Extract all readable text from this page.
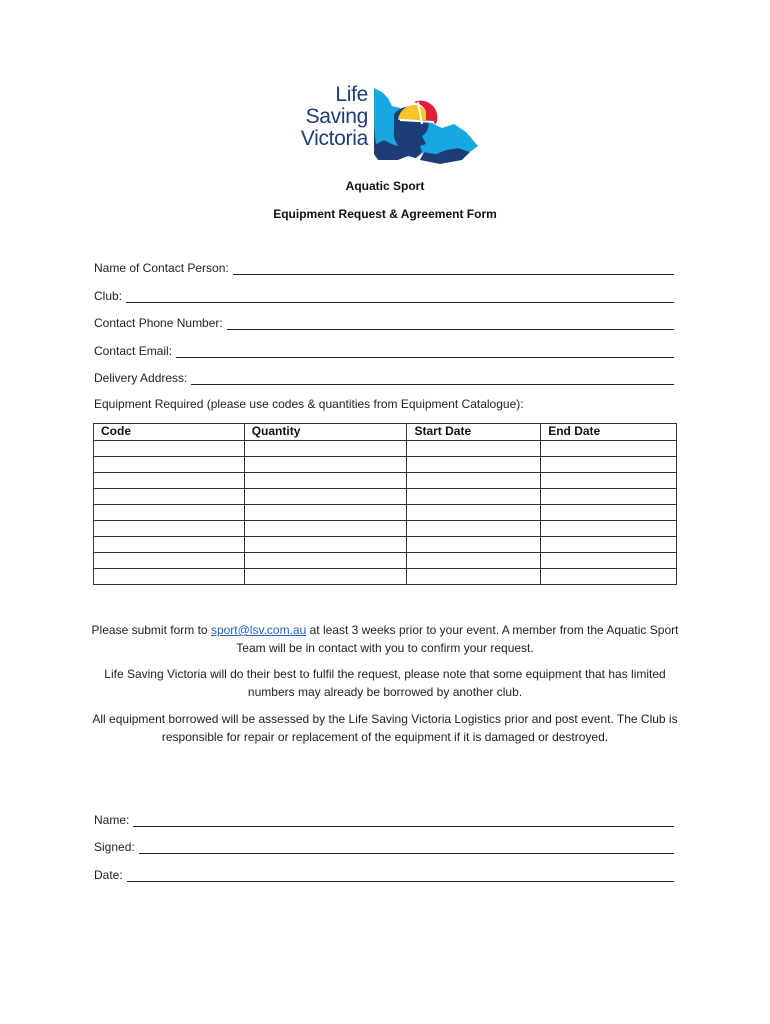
Life
Saving
Victoria
Aquatic Sport
Equipment Request & Agreement Form
Name of Contact Person:
Club:
Contact Phone Number:
Contact Email:
Delivery Address:
Equipment Required (please use codes & quantities from Equipment Catalogue):
Code	Quantity	Start Date	End Date

Please submit form to sport@lsv.com.au at least 3 weeks prior to your event. A member from the Aquatic Sport Team will be in contact with you to confirm your request.
Life Saving Victoria will do their best to fulfil the request, please note that some equipment that has limited numbers may already be borrowed by another club.
All equipment borrowed will be assessed by the Life Saving Victoria Logistics prior and post event. The Club is responsible for repair or replacement of the equipment if it is damaged or destroyed.
Name:
Signed:
Date:
